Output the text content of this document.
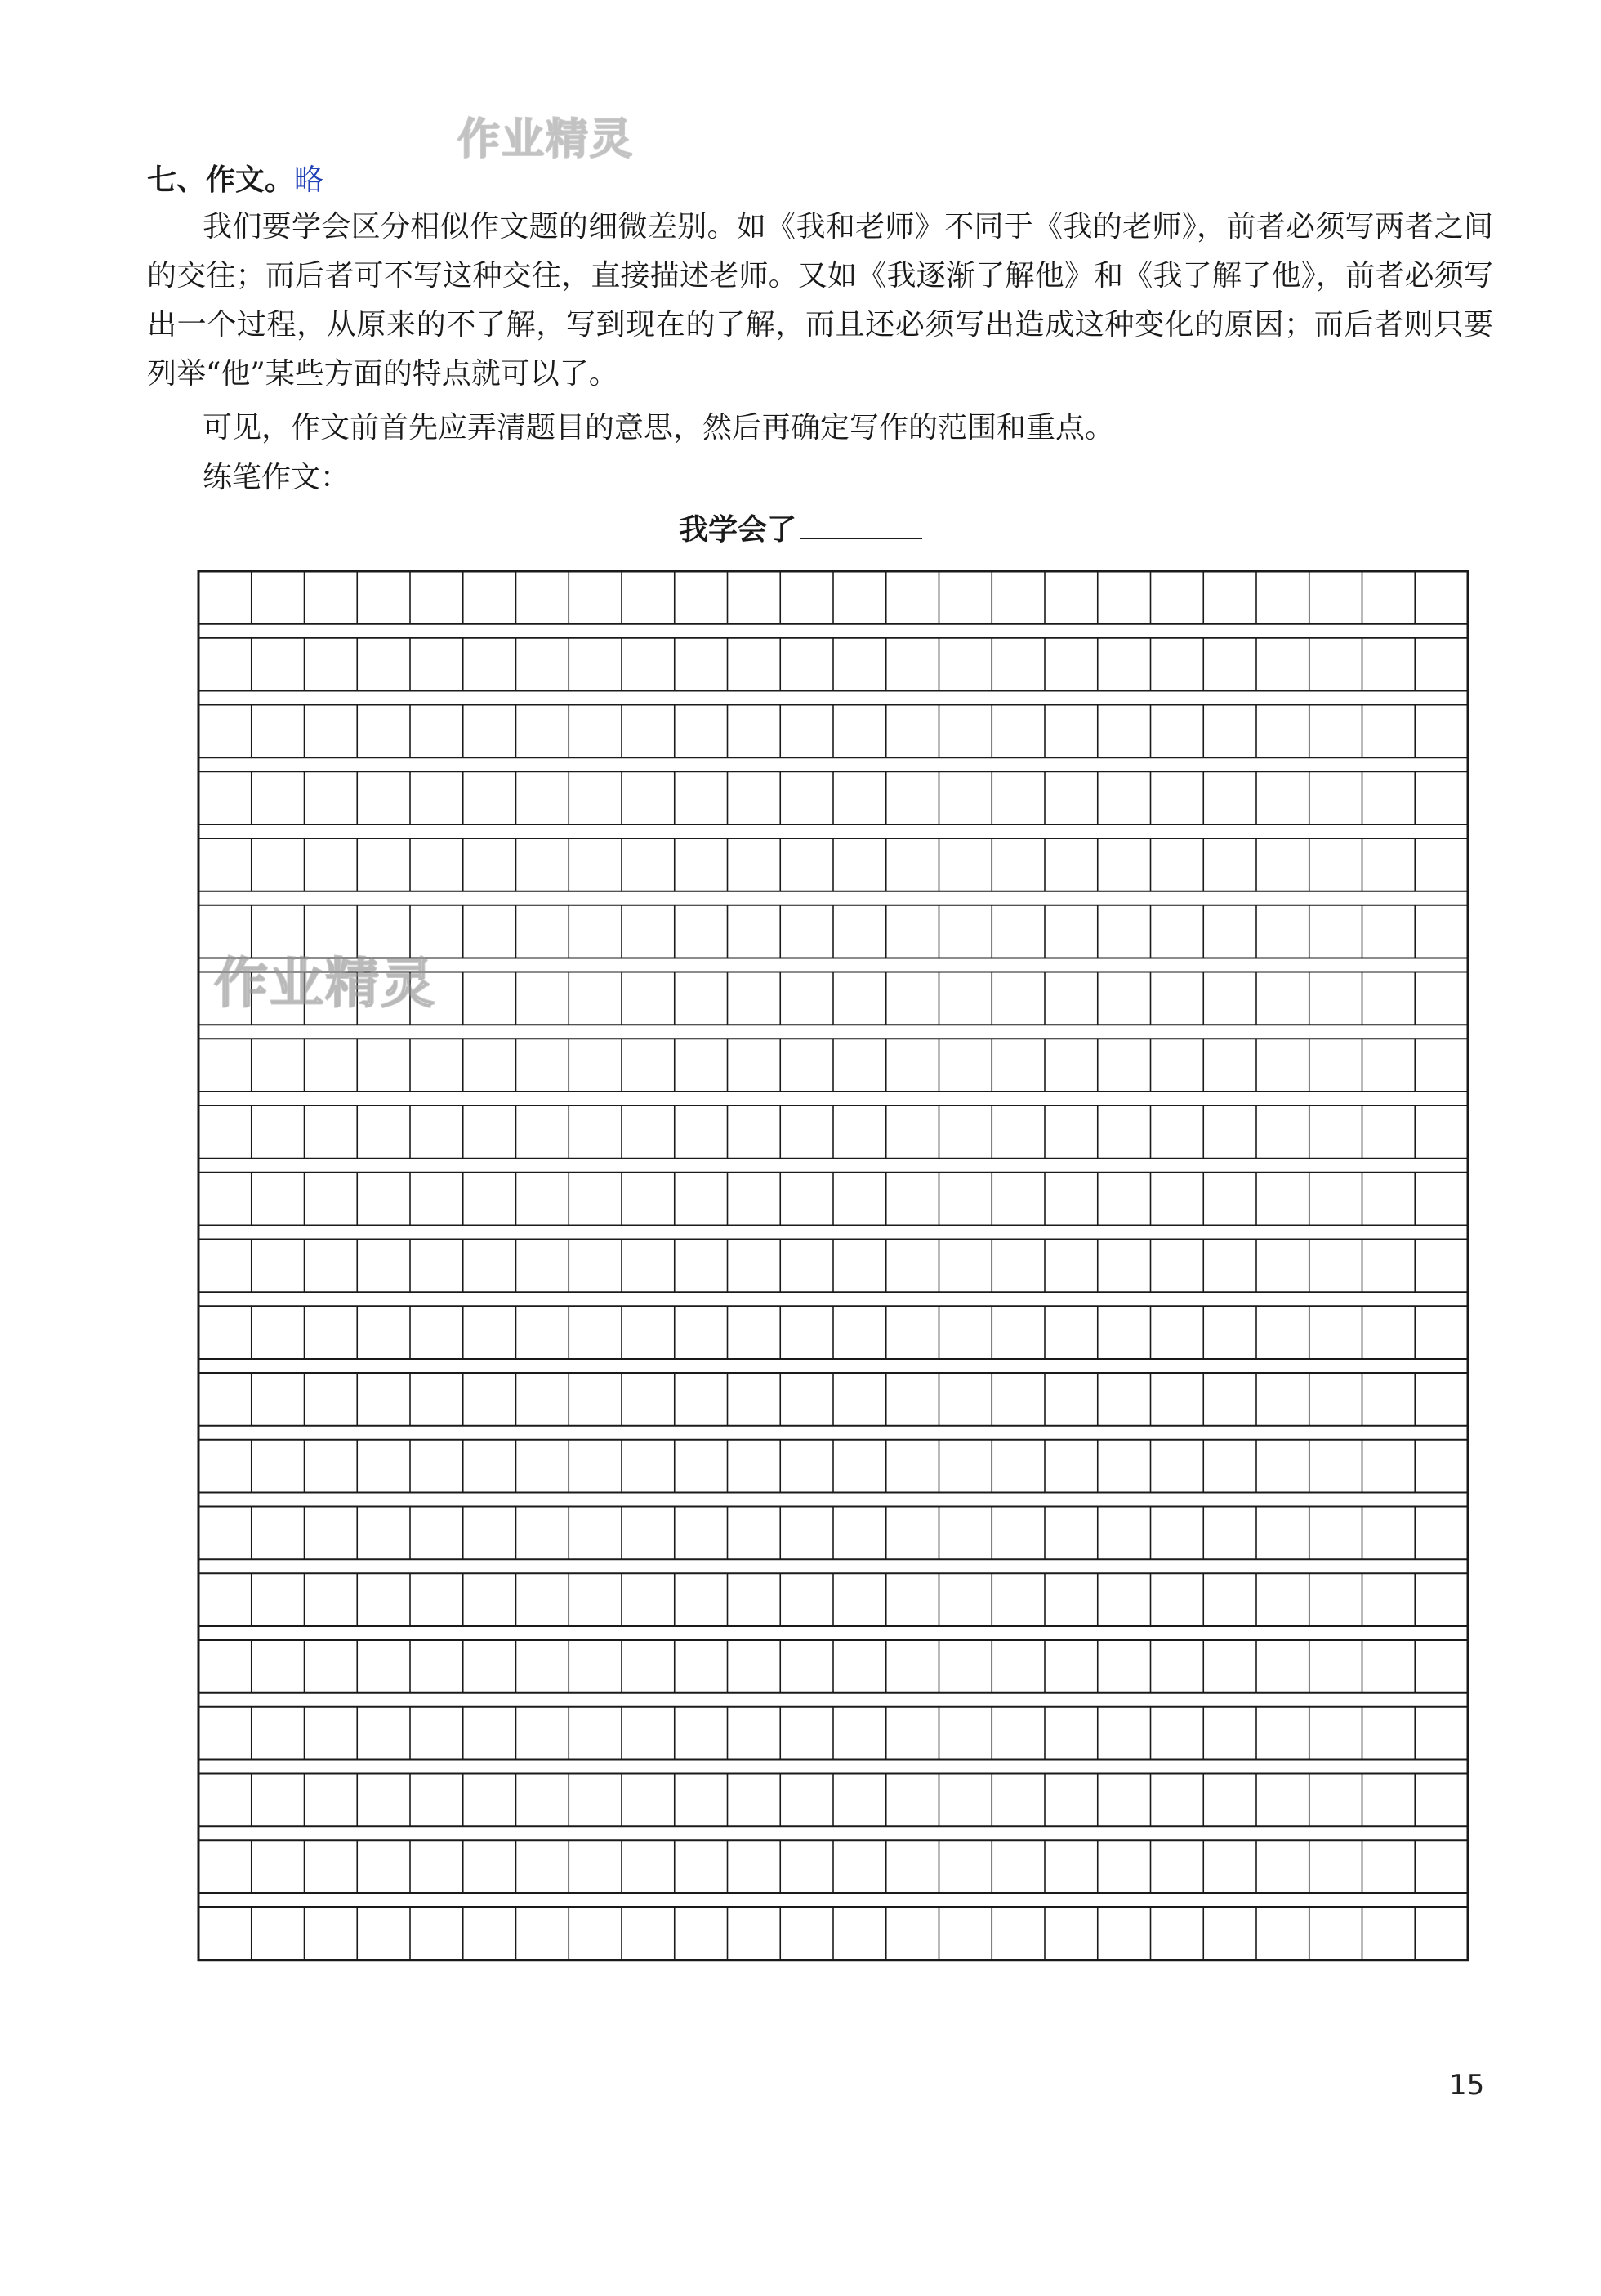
七、作文。略
我们要学会区分相似作文题的细微差别。如《我和老师》不同于《我的老师》，前者必须写两者之间的交往；而后者可不写这种交往，直接描述老师。又如《我逐渐了解他》和《我了解了他》，前者必须写出一个过程，从原来的不了解，写到现在的了解，而且还必须写出造成这种变化的原因；而后者则只要列举“他”某些方面的特点就可以了。
可见，作文前首先应弄清题目的意思，然后再确定写作的范围和重点。
练笔作文：
我学会了
作业精灵
作业精灵
15
